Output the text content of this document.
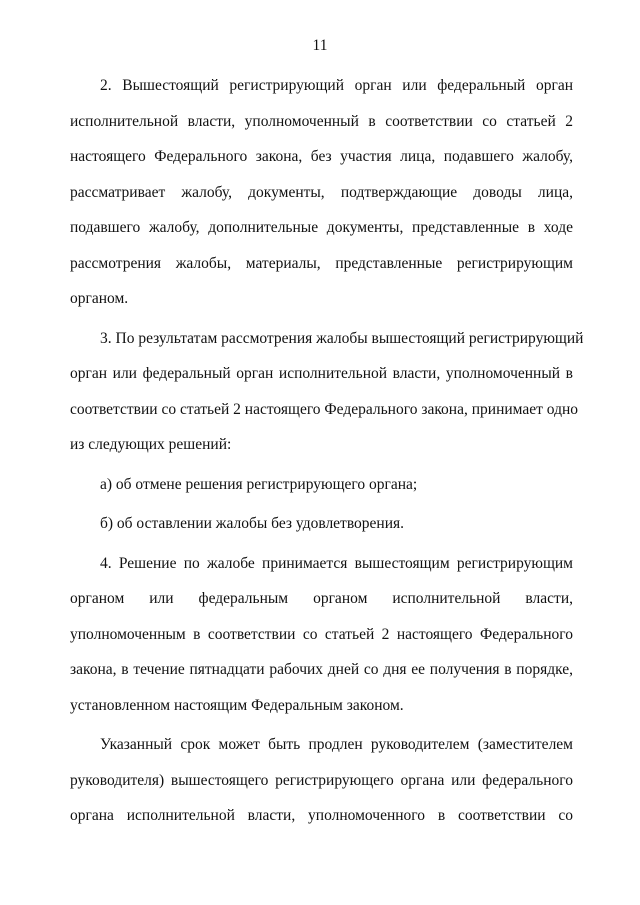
11

2. Вышестоящий регистрирующий орган или федеральный орган
исполнительной власти, уполномоченный в соответствии со статьей 2
настоящего Федерального закона, без участия лица, подавшего жалобу,
рассматривает жалобу, документы, подтверждающие доводы лица,
подавшего жалобу, дополнительные документы, представленные в ходе
рассмотрения жалобы, материалы, представленные регистрирующим
органом.

3. По результатам рассмотрения жалобы вышестоящий регистрирующий
орган или федеральный орган исполнительной власти, уполномоченный в
соответствии со статьей 2 настоящего Федерального закона, принимает одно
из следующих решений:

а) об отмене решения регистрирующего органа;

б) об оставлении жалобы без удовлетворения.

4. Решение по жалобе принимается вышестоящим регистрирующим
органом или федеральным органом исполнительной власти,
уполномоченным в соответствии со статьей 2 настоящего Федерального
закона, в течение пятнадцати рабочих дней со дня ее получения в порядке,
установленном настоящим Федеральным законом.

Указанный срок может быть продлен руководителем (заместителем
руководителя) вышестоящего регистрирующего органа или федерального
органа исполнительной власти, уполномоченного в соответствии со
